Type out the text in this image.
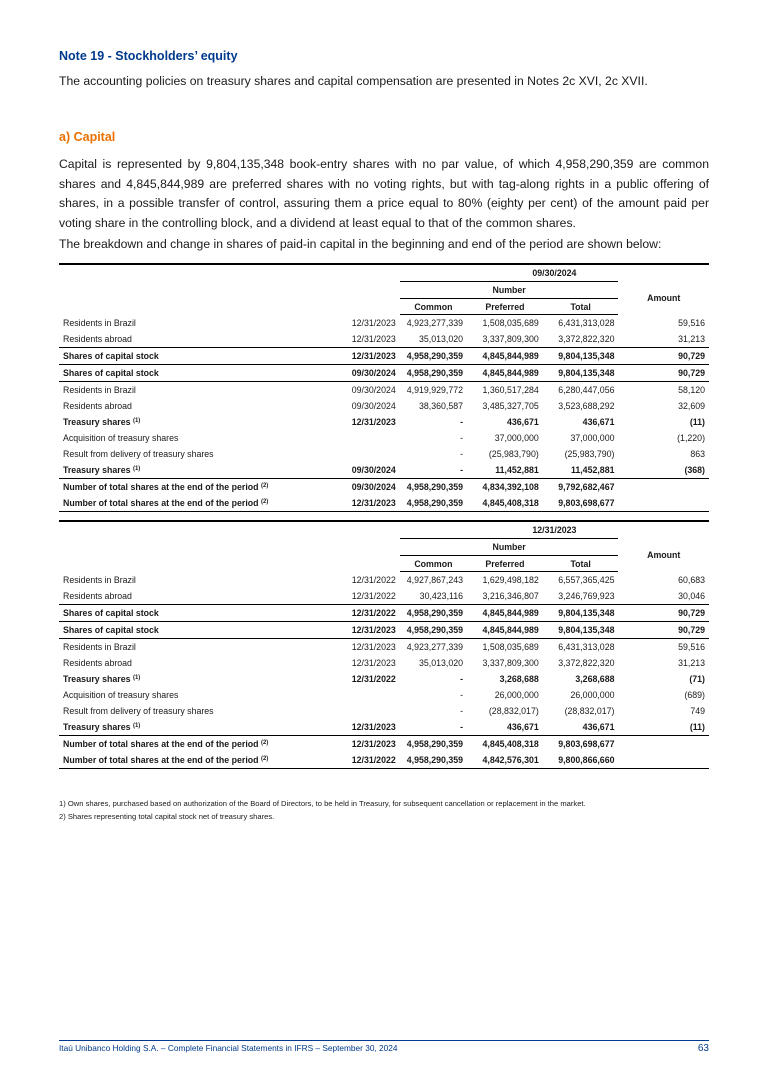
Note 19 - Stockholders’ equity
The accounting policies on treasury shares and capital compensation are presented in Notes 2c XVI, 2c XVII.
a) Capital

Capital is represented by 9,804,135,348 book-entry shares with no par value, of which 4,958,290,359 are common shares and 4,845,844,989 are preferred shares with no voting rights, but with tag-along rights in a public offering of shares, in a possible transfer of control, assuring them a price equal to 80% (eighty per cent) of the amount paid per voting share in the controlling block, and a dividend at least equal to that of the common shares.

The breakdown and change in shares of paid-in capital in the beginning and end of the period are shown below:
		09/30/2024			
		Number			Amount
		Common	Preferred	Total	
Residents in Brazil	12/31/2023	4,923,277,339	1,508,035,689	6,431,313,028	59,516
Residents abroad	12/31/2023	35,013,020	3,337,809,300	3,372,822,320	31,213
Shares of capital stock	12/31/2023	4,958,290,359	4,845,844,989	9,804,135,348	90,729
Shares of capital stock	09/30/2024	4,958,290,359	4,845,844,989	9,804,135,348	90,729
Residents in Brazil	09/30/2024	4,919,929,772	1,360,517,284	6,280,447,056	58,120
Residents abroad	09/30/2024	38,360,587	3,485,327,705	3,523,688,292	32,609
Treasury shares $^{(1)}$	12/31/2023	-	436,671	436,671	(11)
Acquisition of treasury shares		-	37,000,000	37,000,000	(1,220)
Result from delivery of treasury shares		-	(25,983,790)	(25,983,790)	863
Treasury shares $^{(1)}$	09/30/2024	-	11,452,881	11,452,881	(368)
Number of total shares at the end of the period $^{(2)}$	09/30/2024	4,958,290,359	4,834,392,108	9,792,682,467	
Number of total shares at the end of the period $^{(2)}$	12/31/2023	4,958,290,359	4,845,408,318	9,803,698,677	
		12/31/2023			
		Number			Amount
		Common	Preferred	Total	
Residents in Brazil	12/31/2022	4,927,867,243	1,629,498,182	6,557,365,425	60,683
Residents abroad	12/31/2022	30,423,116	3,216,346,807	3,246,769,923	30,046
Shares of capital stock	12/31/2022	4,958,290,359	4,845,844,989	9,804,135,348	90,729
Shares of capital stock	12/31/2023	4,958,290,359	4,845,844,989	9,804,135,348	90,729
Residents in Brazil	12/31/2023	4,923,277,339	1,508,035,689	6,431,313,028	59,516
Residents abroad	12/31/2023	35,013,020	3,337,809,300	3,372,822,320	31,213
Treasury shares $^{(1)}$	12/31/2022	-	3,268,688	3,268,688	(71)
Acquisition of treasury shares		-	26,000,000	26,000,000	(689)
Result from delivery of treasury shares		-	(28,832,017)	(28,832,017)	749
Treasury shares $^{(1)}$	12/31/2023	-	436,671	436,671	(11)
Number of total shares at the end of the period $^{(2)}$	12/31/2023	4,958,290,359	4,845,408,318	9,803,698,677	
Number of total shares at the end of the period $^{(2)}$	12/31/2022	4,958,290,359	4,842,576,301	9,800,866,660	
1) Own shares, purchased based on authorization of the Board of Directors, to be held in Treasury, for subsequent cancellation or replacement in the market.
2) Shares representing total capital stock net of treasury shares.
Itaú Unibanco Holding S.A. – Complete Financial Statements in IFRS – September 30, 2024	63
